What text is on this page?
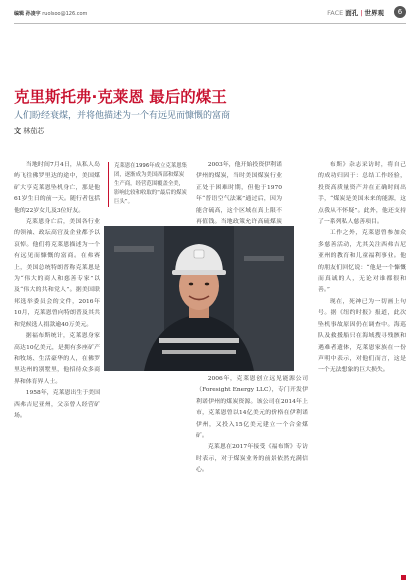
编辑 孙凌宇 ruolsoo@126.com	FACE 面孔 | 世界观	6
克里斯托弗·克莱恩 最后的煤王
人们盼经衰煤，并将他描述为一个有远见而慷慨的富商
文 林茄芯

当地时间7月4日，从私人岛屿飞往佛罗里达的途中，美国煤矿大亨克莱恩坠机身亡，那是他61岁生日的前一天。随行者包括他的22岁女儿及3位好友。

克莱恩身亡后，美国各行业的领袖、政坛高官及企业都予以哀悼。他们将克莱恩描述为一个有远见而慷慨的富商。在弗赛上，美国总统特朗普称克莱恩是为“伟大的商人和慈善专家”以及“伟大的共和党人”。据美国联邦选举委员会的文件，2016年10月，克莱恩曾向特朗普及其共和党候选人捐款逾40万美元。

据福布斯统计，克莱恩身家高达10亿美元，是拥有多座矿产和牧场、生活豪华的人，在佛罗里达州的别墅里，他招待众多商界和体育界人士。

1958年，克莱恩出生于美国西弗吉尼亚州，父亲曾人经营矿场。

克莱恩在1996年成立克莱恩集团，逐渐成为美国西部和煤炭生产商，经营范围覆盖全美，影响比较和收取的“最后的煤炭巨头”。

2003年，他开始投资伊利诺伊州的煤炭，当时美国煤炭行业正处于困难时期，但他于1970年“普语空气法案”通过后，因为能含硫高，这个区域在真上限不再值钱。当地政策允许高硫煤炭

2006年，克莱恩创立远见能源公司（Foresight Energy LLC），专门开发伊利诺伊州的煤炭资源。该公司在2014年上市，克莱恩曾以14亿美元的价格在伊利诺伊州，又投入15亿美元建立一个合金煤矿。

克莱恩在2017年接受《福布斯》专访时表示，对于煤炭业务的前景依然充满信心。

布斯》杂志采访时，将自己的成功归因于：总结工作经验，投资高质量资产并在正确时间出手，“煤炭是美国未来的能源，这点我从不怀疑”。此外，他还支持了一系列私人慈善项目。

工作之外，克莱恩曾参加众多慈善活动，尤其关注西弗吉尼亚州的教育和儿童福利事业。他的朋友们回忆说：“他是一个慷慨而真诚的人，无论对谁都很和善。”

现在，死神已为一切画上句号。据《纽约时报》报道，此次坠机事故原因仍在调查中。海巡队及救援船只在海域搜寻残骸和遇难者遗体，克莱恩家族在一份声明中表示，对他们而言，这是一个无法想象的巨大损失。
